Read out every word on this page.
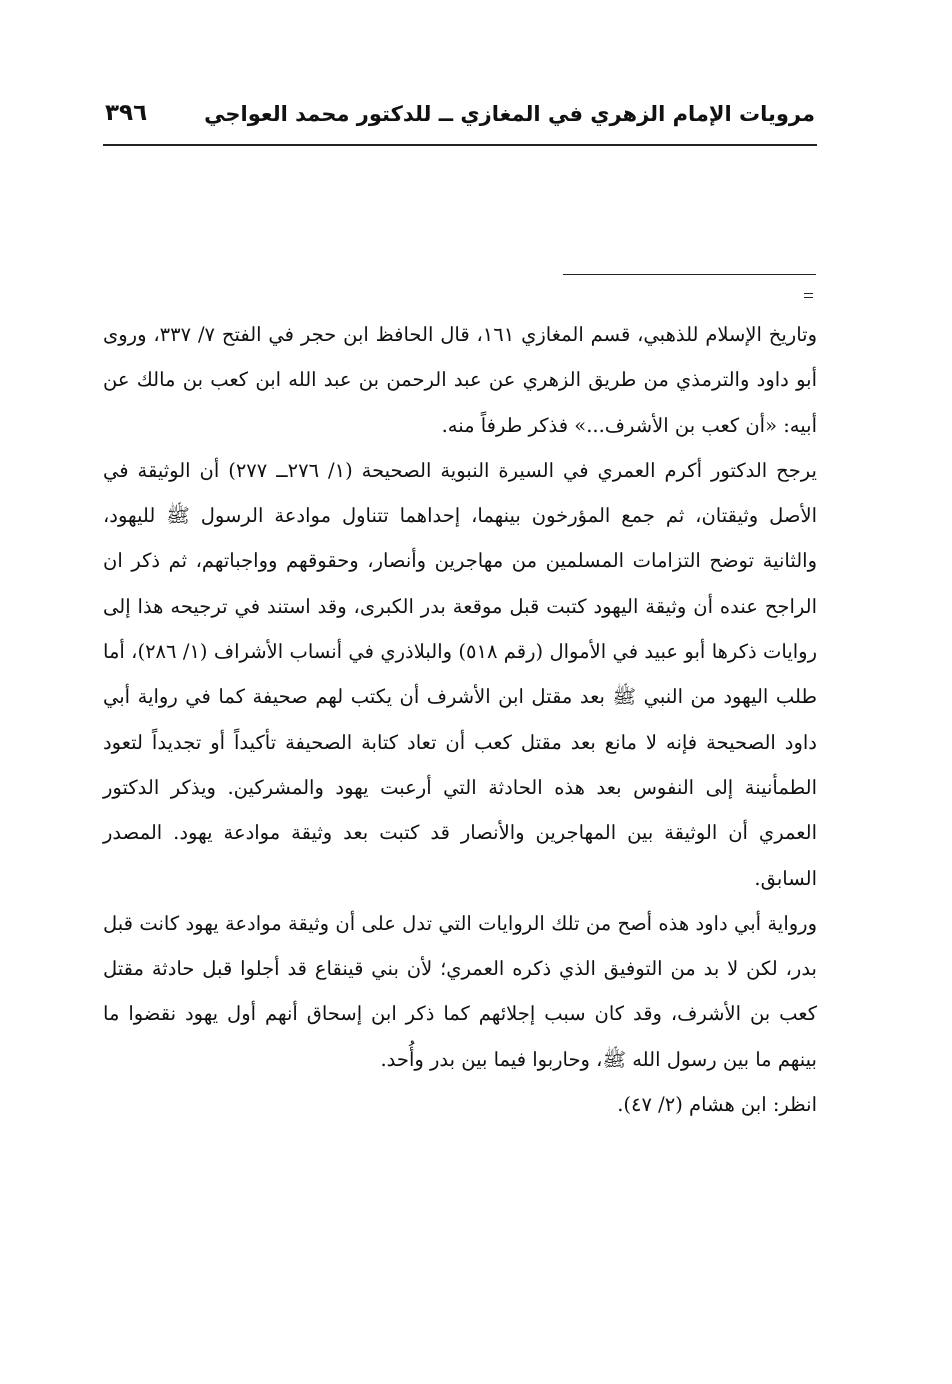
مرويات الإمام الزهري في المغازي ــ للدكتور محمد العواجي
٣٩٦

وتاريخ الإسلام للذهبي، قسم المغازي ١٦١، قال الحافظ ابن حجر في الفتح ٧/ ٣٣٧، وروى أبو داود والترمذي من طريق الزهري عن عبد الرحمن بن عبد الله ابن كعب بن مالك عن أبيه: «أن كعب بن الأشرف...» فذكر طرفاً منه.

يرجح الدكتور أكرم العمري في السيرة النبوية الصحيحة (١/ ٢٧٦ــ ٢٧٧) أن الوثيقة في الأصل وثيقتان، ثم جمع المؤرخون بينهما، إحداهما تتناول موادعة الرسول ﷺ لليهود، والثانية توضح التزامات المسلمين من مهاجرين وأنصار، وحقوقهم وواجباتهم، ثم ذكر ان الراجح عنده أن وثيقة اليهود كتبت قبل موقعة بدر الكبرى، وقد استند في ترجيحه هذا إلى روايات ذكرها أبو عبيد في الأموال (رقم ٥١٨) والبلاذري في أنساب الأشراف (١/ ٢٨٦)، أما طلب اليهود من النبي ﷺ بعد مقتل ابن الأشرف أن يكتب لهم صحيفة كما في رواية أبي داود الصحيحة فإنه لا مانع بعد مقتل كعب أن تعاد كتابة الصحيفة تأكيداً أو تجديداً لتعود الطمأنينة إلى النفوس بعد هذه الحادثة التي أرعبت يهود والمشركين. ويذكر الدكتور العمري أن الوثيقة بين المهاجرين والأنصار قد كتبت بعد وثيقة موادعة يهود. المصدر السابق.

ورواية أبي داود هذه أصح من تلك الروايات التي تدل على أن وثيقة موادعة يهود كانت قبل بدر، لكن لا بد من التوفيق الذي ذكره العمري؛ لأن بني قينقاع قد أجلوا قبل حادثة مقتل كعب بن الأشرف، وقد كان سبب إجلائهم كما ذكر ابن إسحاق أنهم أول يهود نقضوا ما بينهم ما بين رسول الله ﷺ، وحاربوا فيما بين بدر وأُحد.

انظر: ابن هشام (٢/ ٤٧).
